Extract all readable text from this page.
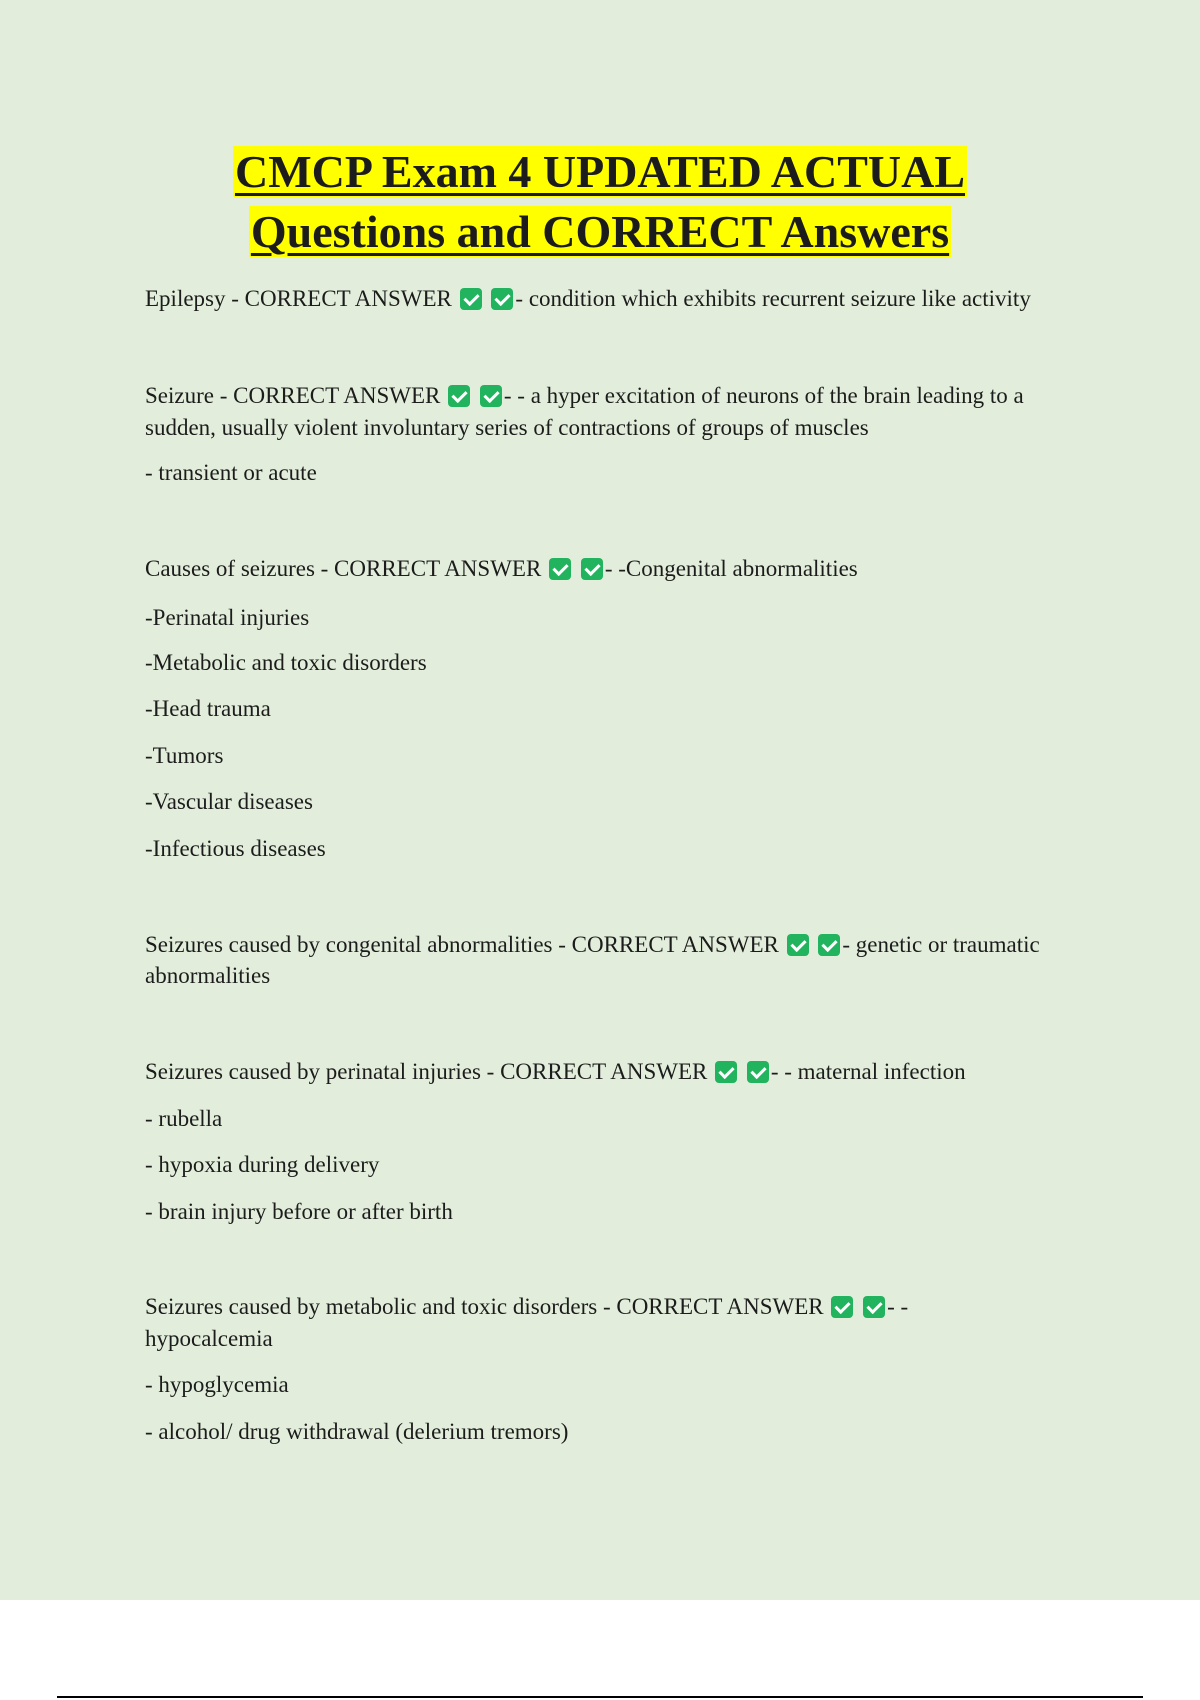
CMCP Exam 4 UPDATED ACTUAL
Questions and CORRECT Answers
Epilepsy - CORRECT ANSWER	- condition which exhibits recurrent seizure like activity
Seizure - CORRECT ANSWER	- - a hyper excitation of neurons of the brain leading to a
sudden, usually violent involuntary series of contractions of groups of muscles
- transient or acute
Causes of seizures - CORRECT ANSWER	- -Congenital abnormalities
-Perinatal injuries
-Metabolic and toxic disorders
-Head trauma
-Tumors
-Vascular diseases
-Infectious diseases
Seizures caused by congenital abnormalities - CORRECT ANSWER	- genetic or traumatic
abnormalities
Seizures caused by perinatal injuries - CORRECT ANSWER	- - maternal infection
- rubella
- hypoxia during delivery
- brain injury before or after birth
Seizures caused by metabolic and toxic disorders - CORRECT ANSWER	- -
hypocalcemia
- hypoglycemia
- alcohol/ drug withdrawal (delerium tremors)
